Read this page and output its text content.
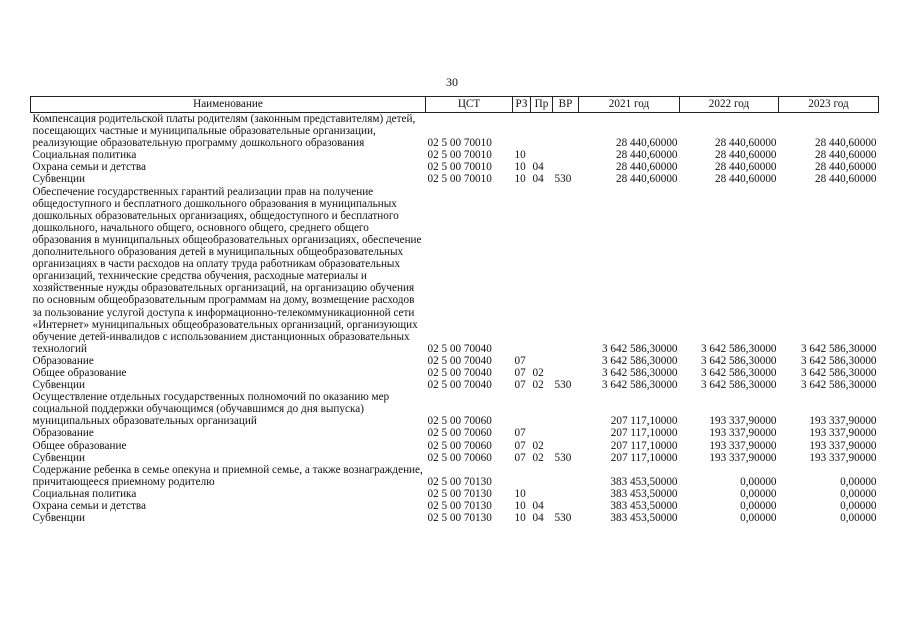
30
Наименование	ЦСТ	РЗ	Пр	ВР	2021 год	2022 год	2023 год
Компенсация родительской платы родителям (законным представителям) детей, посещающих частные и муниципальные образовательные организации, реализующие образовательную программу дошкольного образования	02 5 00 70010				28 440,60000	28 440,60000	28 440,60000
Социальная политика	02 5 00 70010	10			28 440,60000	28 440,60000	28 440,60000
Охрана семьи и детства	02 5 00 70010	10	04		28 440,60000	28 440,60000	28 440,60000
Субвенции	02 5 00 70010	10	04	530	28 440,60000	28 440,60000	28 440,60000
Обеспечение государственных гарантий реализации прав на получение общедоступного и бесплатного дошкольного образования в муниципальных дошкольных образовательных организациях, общедоступного и бесплатного дошкольного, начального общего, основного общего, среднего общего образования в муниципальных общеобразовательных организациях, обеспечение дополнительного образования детей в муниципальных общеобразовательных организациях в части расходов на оплату труда работникам образовательных организаций, технические средства обучения, расходные материалы и хозяйственные нужды образовательных организаций, на организацию обучения по основным общеобразовательным программам на дому, возмещение расходов за пользование услугой доступа к информационно-телекоммуникационной сети «Интернет» муниципальных общеобразовательных организаций, организующих обучение детей-инвалидов с использованием дистанционных образовательных технологий	02 5 00 70040				3 642 586,30000	3 642 586,30000	3 642 586,30000
Образование	02 5 00 70040	07			3 642 586,30000	3 642 586,30000	3 642 586,30000
Общее образование	02 5 00 70040	07	02		3 642 586,30000	3 642 586,30000	3 642 586,30000
Субвенции	02 5 00 70040	07	02	530	3 642 586,30000	3 642 586,30000	3 642 586,30000
Осуществление отдельных государственных полномочий по оказанию мер социальной поддержки обучающимся (обучавшимся до дня выпуска) муниципальных образовательных организаций	02 5 00 70060				207 117,10000	193 337,90000	193 337,90000
Образование	02 5 00 70060	07			207 117,10000	193 337,90000	193 337,90000
Общее образование	02 5 00 70060	07	02		207 117,10000	193 337,90000	193 337,90000
Субвенции	02 5 00 70060	07	02	530	207 117,10000	193 337,90000	193 337,90000
Содержание ребенка в семье опекуна и приемной семье, а также вознаграждение, причитающееся приемному родителю	02 5 00 70130				383 453,50000	0,00000	0,00000
Социальная политика	02 5 00 70130	10			383 453,50000	0,00000	0,00000
Охрана семьи и детства	02 5 00 70130	10	04		383 453,50000	0,00000	0,00000
Субвенции	02 5 00 70130	10	04	530	383 453,50000	0,00000	0,00000
